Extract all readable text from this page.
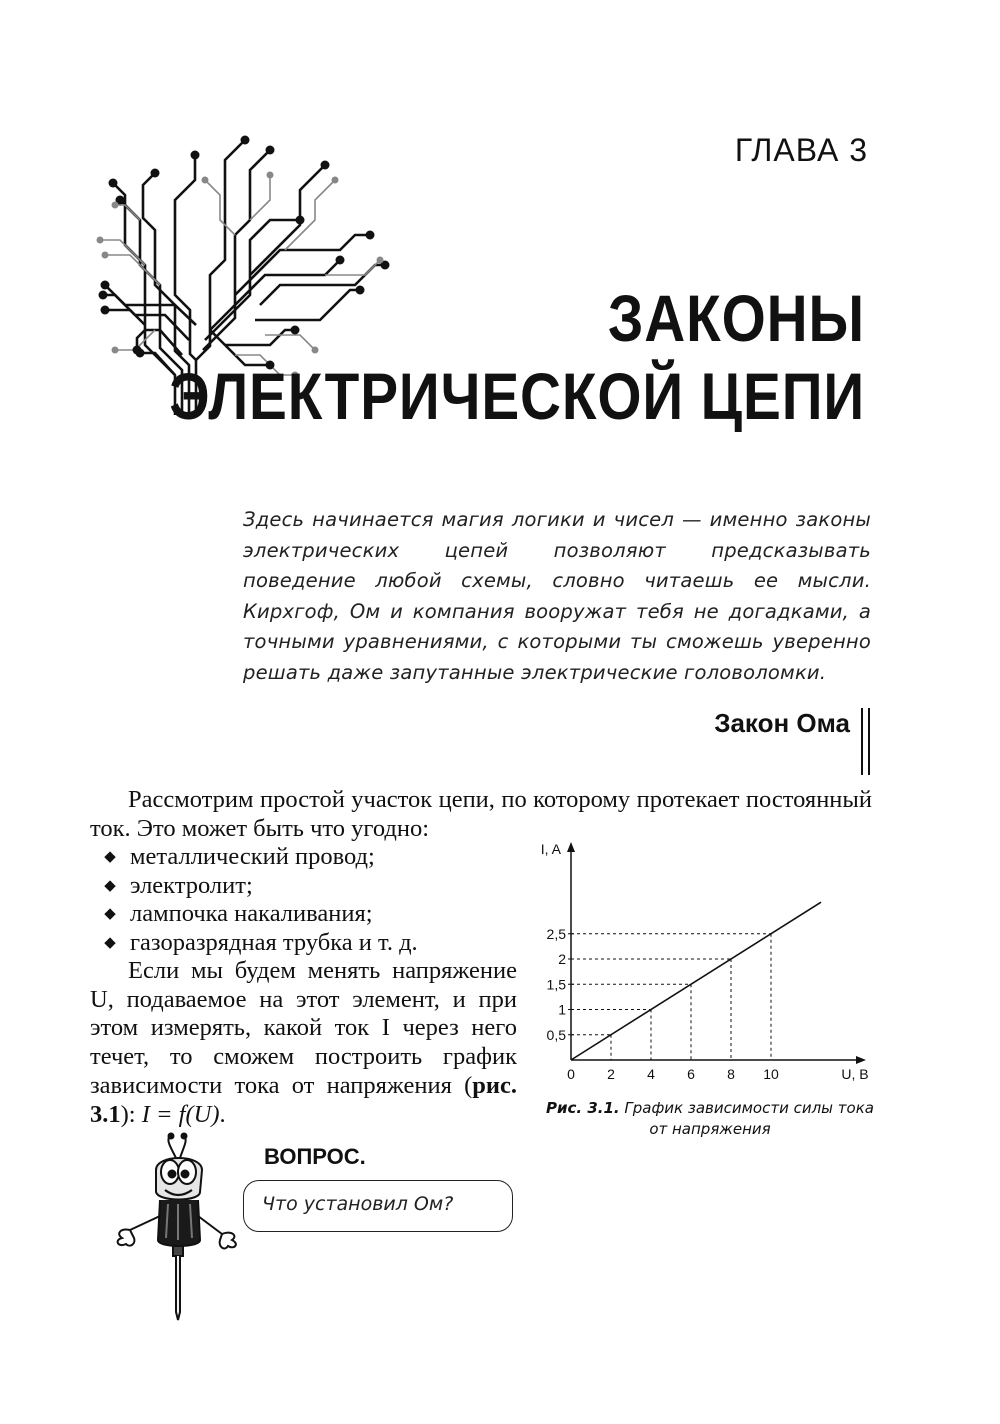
ГЛАВА 3
ЗАКОНЫ
ЭЛЕКТРИЧЕСКОЙ ЦЕПИ
Здесь начинается магия логики и чисел — именно законы электрических цепей позволяют предсказывать поведение любой схемы, словно читаешь ее мысли. Кирхгоф, Ом и компания вооружат тебя не догадками, а точными уравнениями, с которыми ты сможешь уверенно решать даже запутанные электрические головоломки.
Закон Ома
Рассмотрим простой участок цепи, по которому протекает постоянный ток. Это может быть что угодно:
◆ металлический провод;
◆ электролит;
◆ лампочка накаливания;
◆ газоразрядная трубка и т. д.
Если мы будем менять напряжение U, подаваемое на этот элемент, и при этом измерять, какой ток I через него течет, то сможем построить график зависимости тока от напряжения (рис. 3.1): I = f(U).
0 2 4 6 8 10
0,5
1
1,5
2
2,5
U, В
I, A
Рис. 3.1. График зависимости силы тока от напряжения
ВОПРОС.
Что установил Ом?
